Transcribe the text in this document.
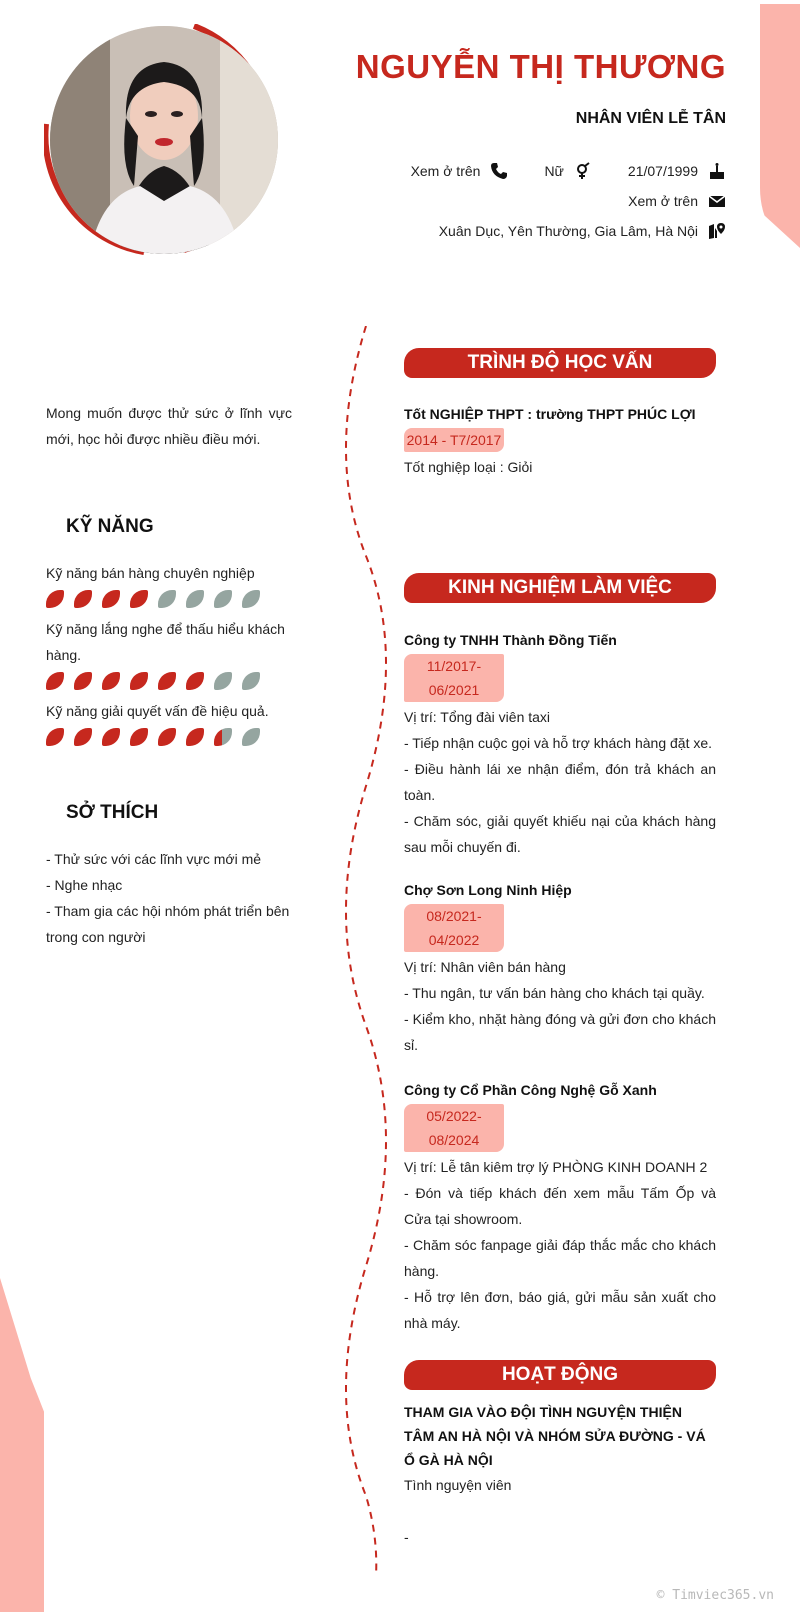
NGUYỄN THỊ THƯƠNG
NHÂN VIÊN LỄ TÂN
Xem ở trên	Nữ	21/07/1999
Xem ở trên
Xuân Dục, Yên Thường, Gia Lâm, Hà Nội
Mong muốn được thử sức ở lĩnh vực mới, học hỏi được nhiều điều mới.
KỸ NĂNG
Kỹ năng bán hàng chuyên nghiệp
Kỹ năng lắng nghe để thấu hiểu khách hàng.
Kỹ năng giải quyết vấn đề hiệu quả.
SỞ THÍCH
- Thử sức với các lĩnh vực mới mẻ
- Nghe nhạc
- Tham gia các hội nhóm phát triển bên trong con người
TRÌNH ĐỘ HỌC VẤN
Tốt NGHIỆP THPT : trường THPT PHÚC LỢI
2014 - T7/2017
Tốt nghiệp loại : Giỏi
KINH NGHIỆM LÀM VIỆC
Công ty TNHH Thành Đồng Tiến
11/2017- 06/2021
Vị trí: Tổng đài viên taxi
- Tiếp nhận cuộc gọi và hỗ trợ khách hàng đặt xe.
- Điều hành lái xe nhận điểm, đón trả khách an toàn.
- Chăm sóc, giải quyết khiếu nại của khách hàng sau mỗi chuyến đi.
Chợ Sơn Long Ninh Hiệp
08/2021- 04/2022
Vị trí: Nhân viên bán hàng
- Thu ngân, tư vấn bán hàng cho khách tại quầy.
- Kiểm kho, nhặt hàng đóng và gửi đơn cho khách sỉ.
Công ty Cổ Phần Công Nghệ Gỗ Xanh
05/2022- 08/2024
Vị trí: Lễ tân kiêm trợ lý PHÒNG KINH DOANH 2
- Đón và tiếp khách đến xem mẫu Tấm Ốp và Cửa tại showroom.
- Chăm sóc fanpage giải đáp thắc mắc cho khách hàng.
- Hỗ trợ lên đơn, báo giá, gửi mẫu sản xuất cho nhà máy.
HOẠT ĐỘNG
THAM GIA VÀO ĐỘI TÌNH NGUYỆN THIỆN TÂM AN HÀ NỘI VÀ NHÓM SỬA ĐƯỜNG - VÁ Ổ GÀ HÀ NỘI
Tình nguyện viên
-
© Timviec365.vn
